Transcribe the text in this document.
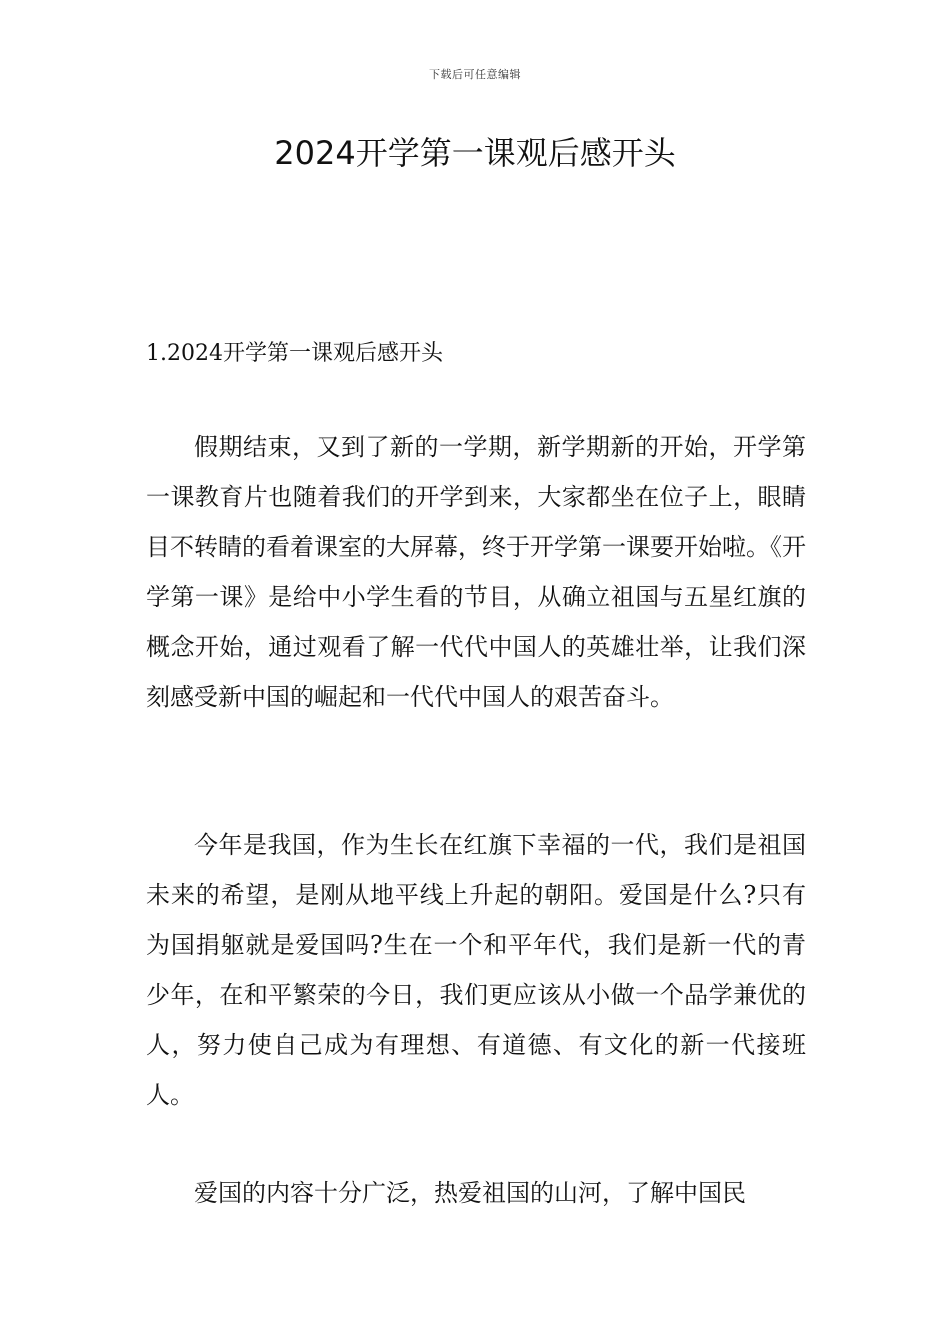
下载后可任意编辑
2024开学第一课观后感开头
1.2024开学第一课观后感开头

假期结束，又到了新的一学期，新学期新的开始，开学第一课教育片也随着我们的开学到来，大家都坐在位子上，眼睛目不转睛的看着课室的大屏幕，终于开学第一课要开始啦。《开学第一课》是给中小学生看的节目，从确立祖国与五星红旗的概念开始，通过观看了解一代代中国人的英雄壮举，让我们深刻感受新中国的崛起和一代代中国人的艰苦奋斗。

今年是我国，作为生长在红旗下幸福的一代，我们是祖国未来的希望，是刚从地平线上升起的朝阳。爱国是什么?只有为国捐躯就是爱国吗?生在一个和平年代，我们是新一代的青少年，在和平繁荣的今日，我们更应该从小做一个品学兼优的人，努力使自己成为有理想、有道德、有文化的新一代接班人。

爱国的内容十分广泛，热爱祖国的山河，了解中国民
